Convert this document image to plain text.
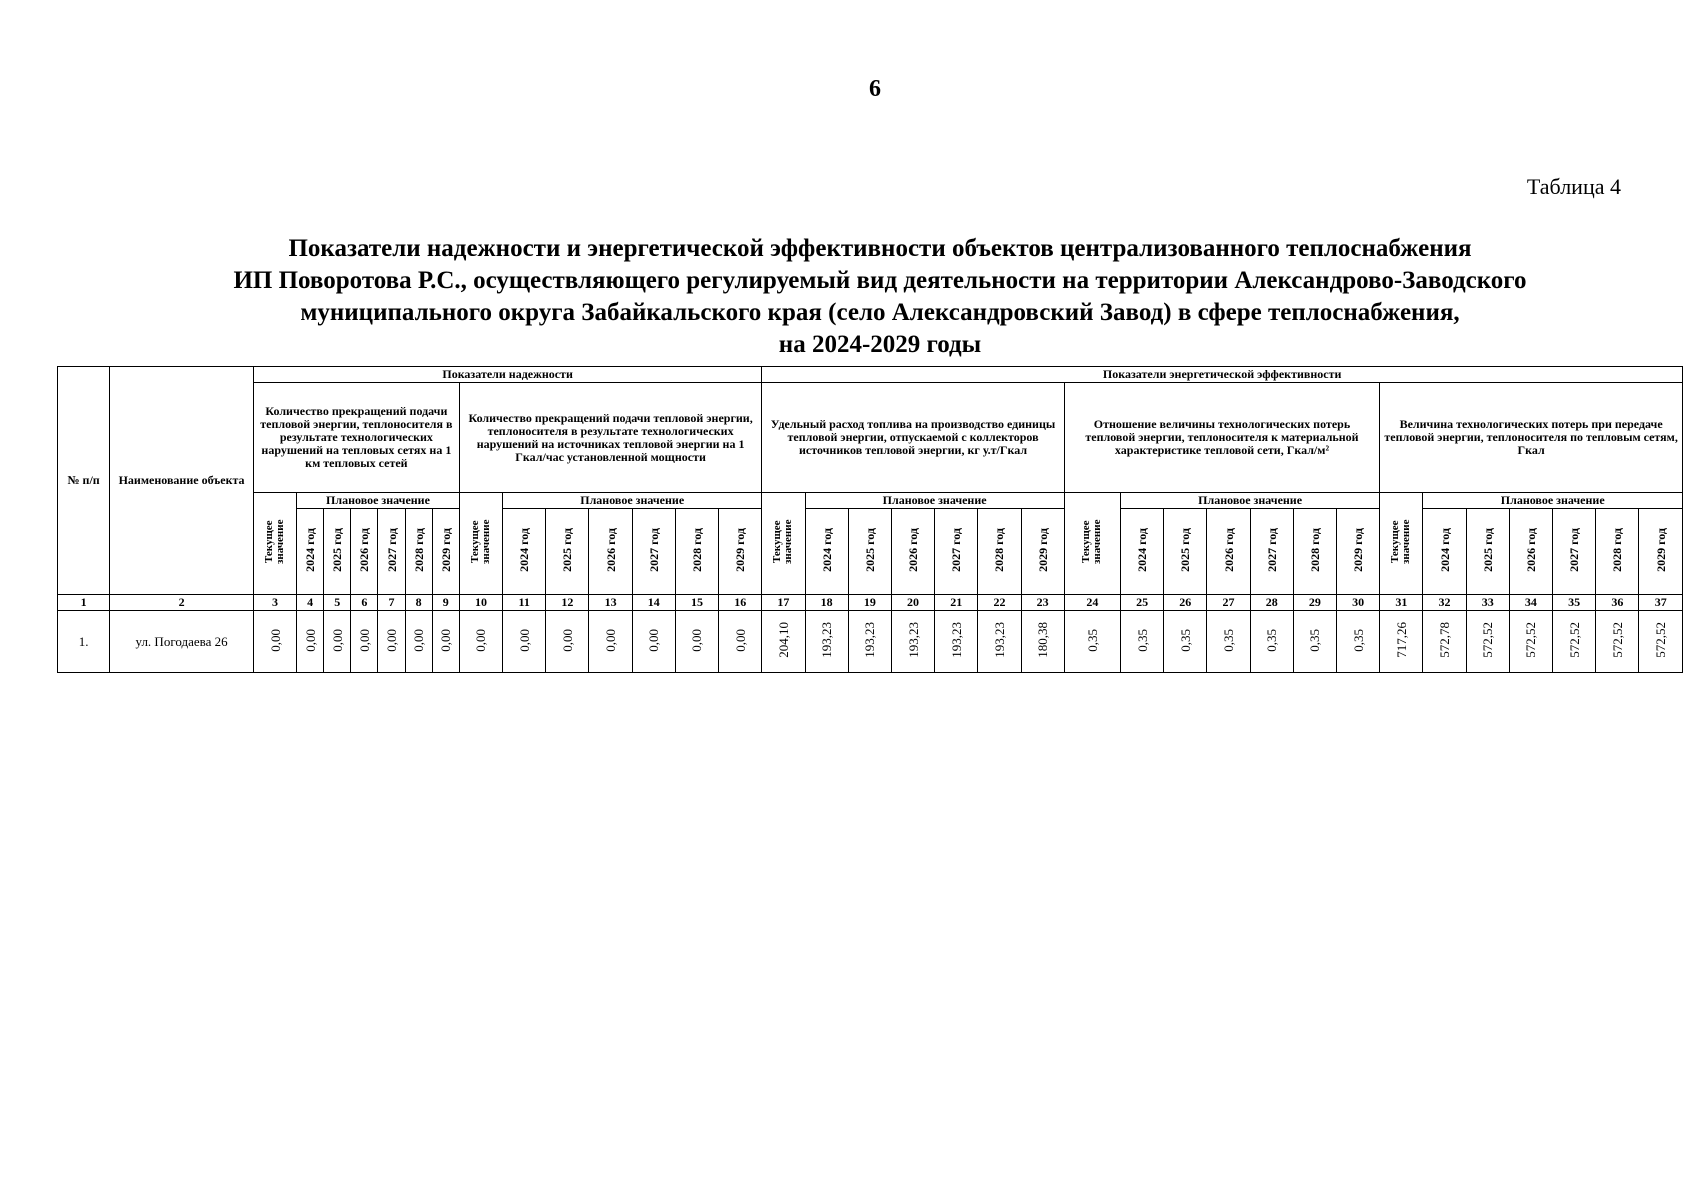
6
Таблица 4
Показатели надежности и энергетической эффективности объектов централизованного теплоснабжения
ИП Поворотова Р.С., осуществляющего регулируемый вид деятельности на территории Александрово-Заводского
муниципального округа Забайкальского края (село Александровский Завод) в сфере теплоснабжения,
на 2024-2029 годы
№ п/п	Наименование объекта	Показатели надежности														Показатели энергетической эффективности																				
		Количество прекращений подачи тепловой энергии, теплоносителя в результате технологических нарушений на тепловых сетях на 1 км тепловых сетей							Количество прекращений подачи тепловой энергии, теплоносителя в результате технологических нарушений на источниках тепловой энергии на 1 Гкал/час установленной мощности							Удельный расход топлива на производство единицы тепловой энергии, отпускаемой с коллекторов источников тепловой энергии, кг у.т/Гкал							Отношение величины технологических потерь тепловой энергии, теплоносителя к материальной характеристике тепловой сети, Гкал/м²							Величина технологических потерь при передаче тепловой энергии, теплоносителя по тепловым сетям, Гкал						
		Текущее значение	Плановое значение						Текущее значение	Плановое значение						Текущее значение	Плановое значение						Текущее значение	Плановое значение						Текущее значение	Плановое значение					
			2024 год	2025 год	2026 год	2027 год	2028 год	2029 год		2024 год	2025 год	2026 год	2027 год	2028 год	2029 год		2024 год	2025 год	2026 год	2027 год	2028 год	2029 год		2024 год	2025 год	2026 год	2027 год	2028 год	2029 год		2024 год	2025 год	2026 год	2027 год	2028 год	2029 год
1	2	3	4	5	6	7	8	9	10	11	12	13	14	15	16	17	18	19	20	21	22	23	24	25	26	27	28	29	30	31	32	33	34	35	36	37
1.	ул. Погодаева 26	0,00	0,00	0,00	0,00	0,00	0,00	0,00	0,00	0,00	0,00	0,00	0,00	0,00	0,00	204,10	193,23	193,23	193,23	193,23	193,23	180,38	0,35	0,35	0,35	0,35	0,35	0,35	0,35	717,26	572,78	572,52	572,52	572,52	572,52	572,52
